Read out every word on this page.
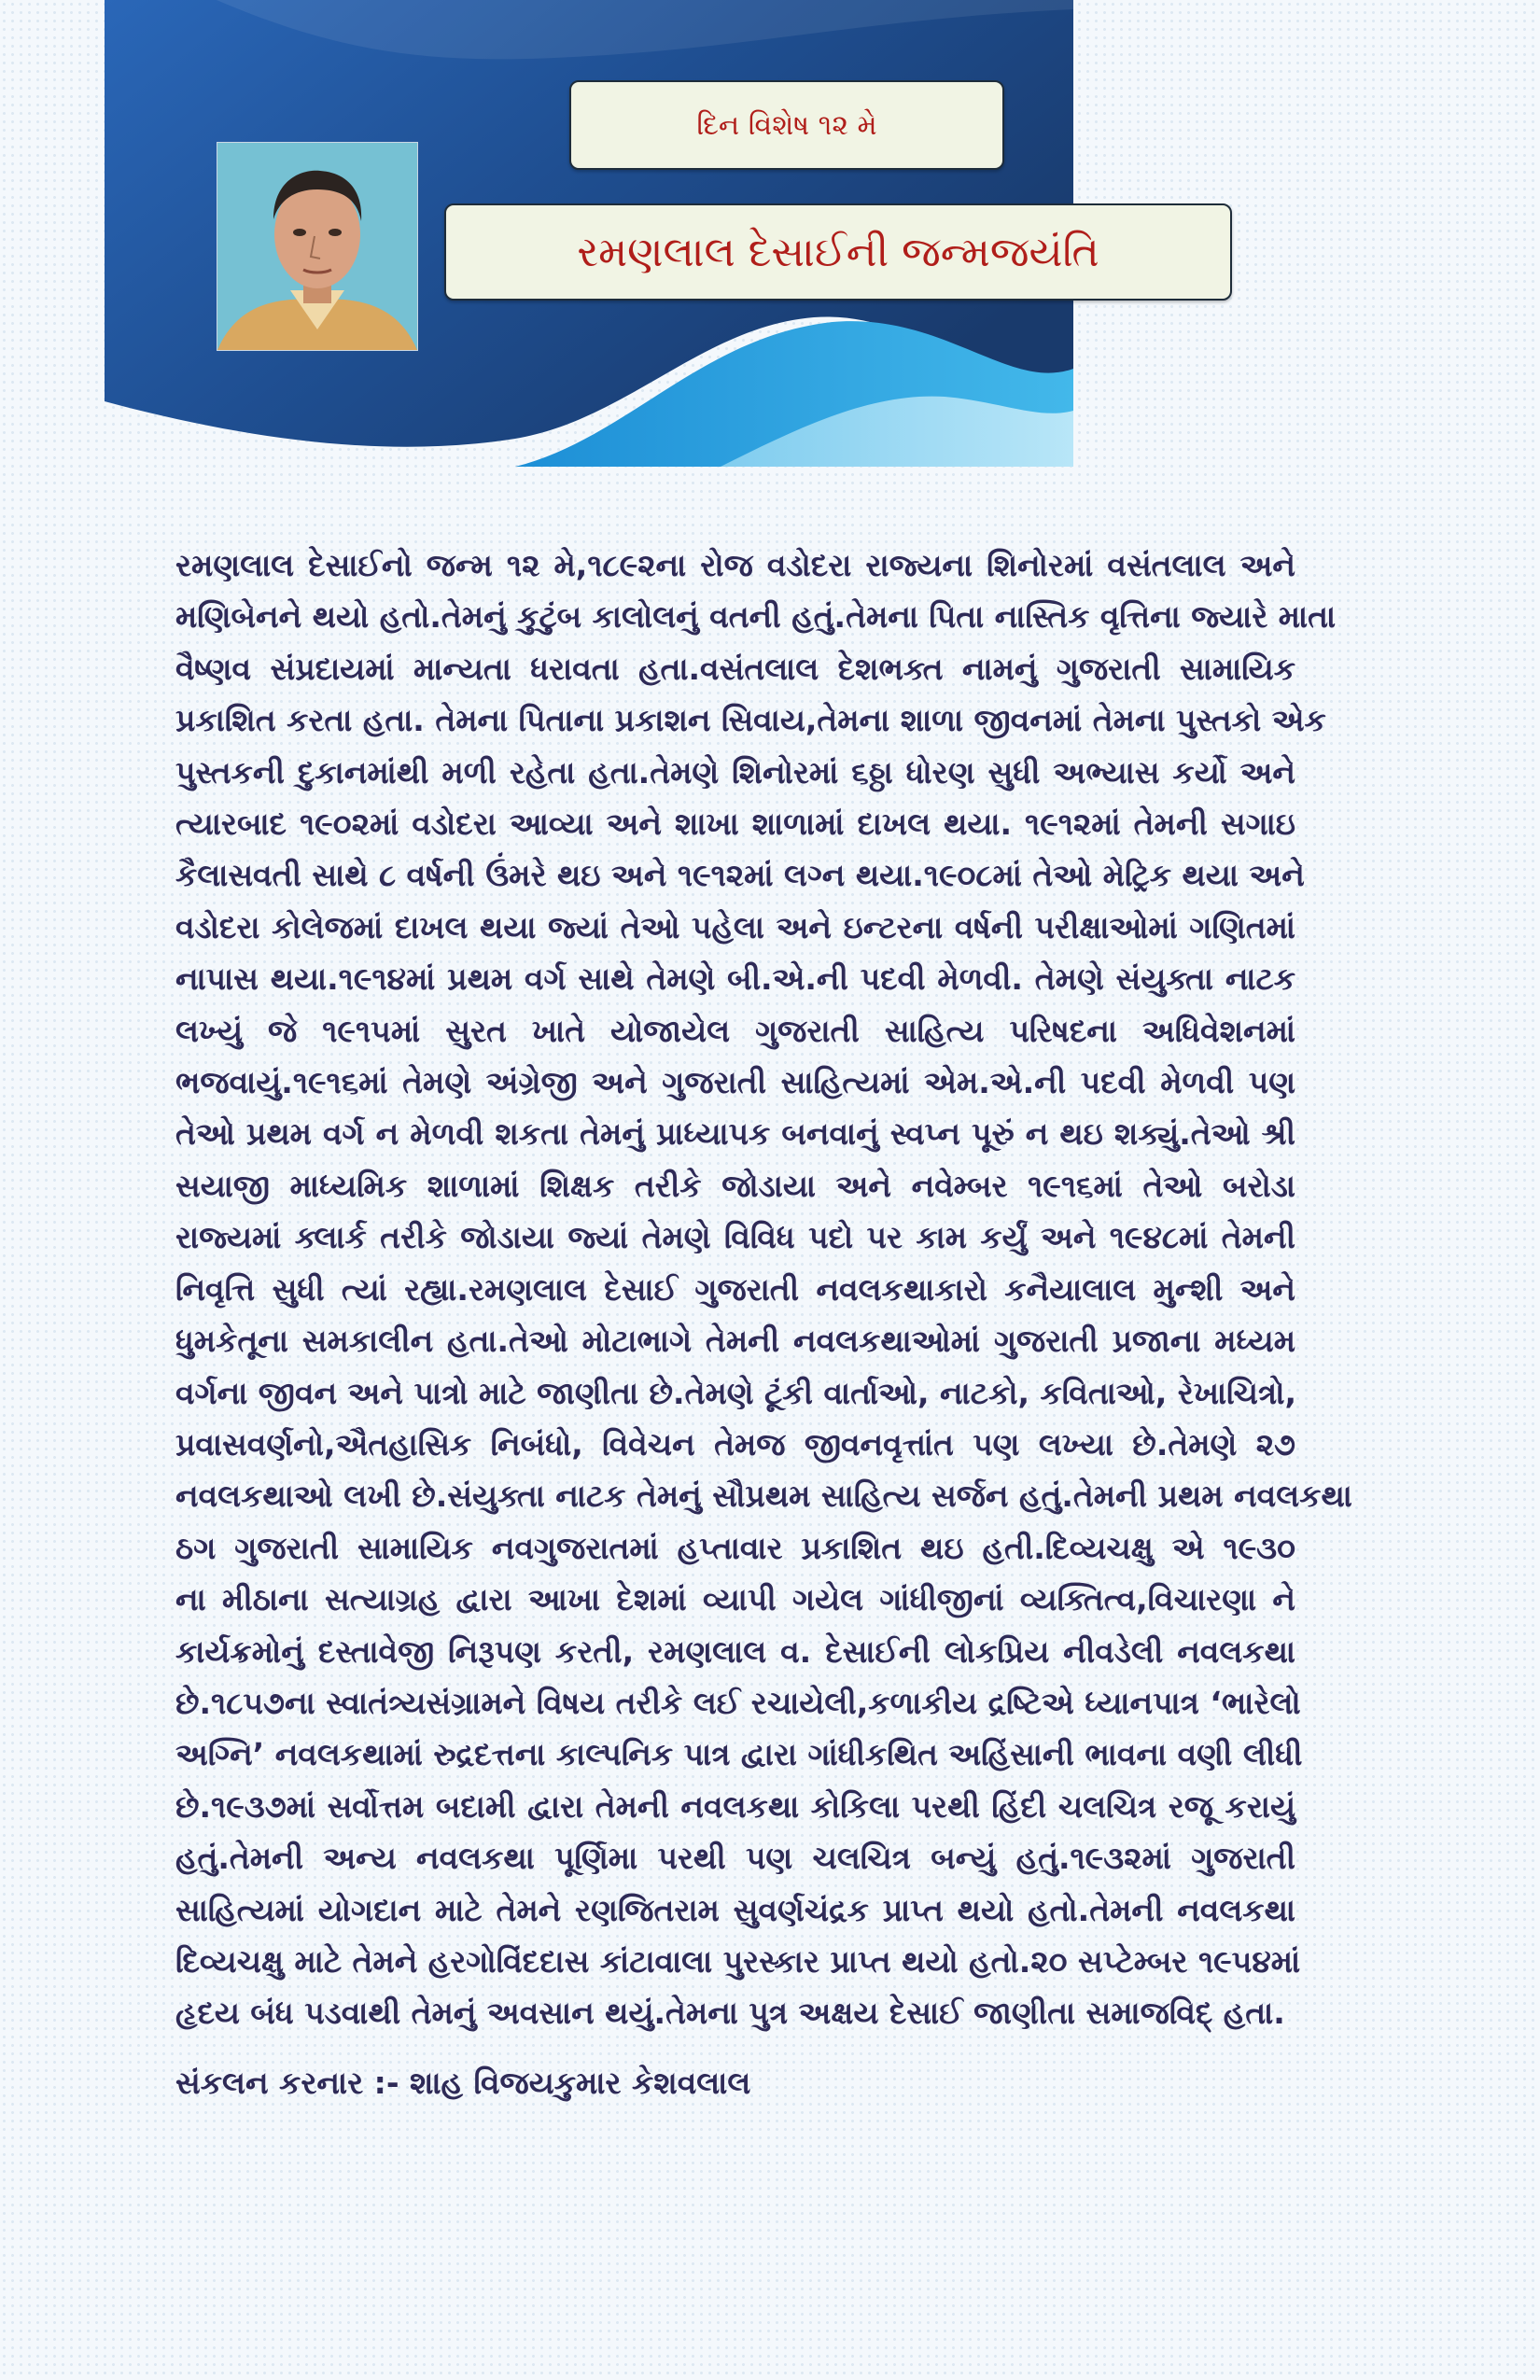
દિન વિશેષ ૧૨ મે
રમણલાલ દેસાઈની જન્મજયંતિ
રમણલાલ દેસાઈનો જન્મ ૧૨ મે,૧૮૯૨ના રોજ વડોદરા રાજ્યના શિનોરમાં વસંતલાલ અને
મણિબેનને થયો હતો.તેમનું કુટુંબ કાલોલનું વતની હતું.તેમના પિતા નાસ્તિક વૃત્તિના જ્યારે માતા
વૈષ્ણવ સંપ્રદાયમાં માન્યતા ધરાવતા હતા.વસંતલાલ દેશભક્ત નામનું ગુજરાતી સામાયિક
પ્રકાશિત કરતા હતા. તેમના પિતાના પ્રકાશન સિવાય,તેમના શાળા જીવનમાં તેમના પુસ્તકો એક
પુસ્તકની દુકાનમાંથી મળી રહેતા હતા.તેમણે શિનોરમાં ૬ઠ્ઠા ધોરણ સુધી અભ્યાસ કર્યો અને
ત્યારબાદ ૧૯૦૨માં વડોદરા આવ્યા અને શાખા શાળામાં દાખલ થયા. ૧૯૧૨માં તેમની સગાઇ
કૈલાસવતી સાથે ૮ વર્ષની ઉંમરે થઇ અને ૧૯૧૨માં લગ્ન થયા.૧૯૦૮માં તેઓ મેટ્રિક થયા અને
વડોદરા કોલેજમાં દાખલ થયા જ્યાં તેઓ પહેલા અને ઇન્ટરના વર્ષની પરીક્ષાઓમાં ગણિતમાં
નાપાસ થયા.૧૯૧૪માં પ્રથમ વર્ગ સાથે તેમણે બી.એ.ની પદવી મેળવી. તેમણે સંયુક્તા નાટક
લખ્યું જે ૧૯૧૫માં સુરત ખાતે યોજાયેલ ગુજરાતી સાહિત્ય પરિષદના અધિવેશનમાં
ભજવાયું.૧૯૧૬માં તેમણે અંગ્રેજી અને ગુજરાતી સાહિત્યમાં એમ.એ.ની પદવી મેળવી પણ
તેઓ પ્રથમ વર્ગ ન મેળવી શકતા તેમનું પ્રાધ્યાપક બનવાનું સ્વપ્ન પૂરું ન થઇ શક્યું.તેઓ શ્રી
સયાજી માધ્યમિક શાળામાં શિક્ષક તરીકે જોડાયા અને નવેમ્બર ૧૯૧૬માં તેઓ બરોડા
રાજ્યમાં ક્લાર્ક તરીકે જોડાયા જ્યાં તેમણે વિવિધ પદો પર કામ કર્યું અને ૧૯૪૮માં તેમની
નિવૃત્તિ સુધી ત્યાં રહ્યા.રમણલાલ દેસાઈ ગુજરાતી નવલકથાકારો કનૈયાલાલ મુન્શી અને
ધુમકેતૂના સમકાલીન હતા.તેઓ મોટાભાગે તેમની નવલકથાઓમાં ગુજરાતી પ્રજાના મધ્યમ
વર્ગના જીવન અને પાત્રો માટે જાણીતા છે.તેમણે ટૂંકી વાર્તાઓ, નાટકો, કવિતાઓ, રેખાચિત્રો,
પ્રવાસવર્ણનો,ઐતહાસિક નિબંધો, વિવેચન તેમજ જીવનવૃત્તાંત પણ લખ્યા છે.તેમણે ૨૭
નવલકથાઓ લખી છે.સંયુક્તા નાટક તેમનું સૌપ્રથમ સાહિત્ય સર્જન હતું.તેમની પ્રથમ નવલકથા
ઠગ ગુજરાતી સામાયિક નવગુજરાતમાં હપ્તાવાર પ્રકાશિત થઇ હતી.દિવ્યચક્ષુ એ ૧૯૩૦
ના મીઠાના સત્યાગ્રહ દ્વારા આખા દેશમાં વ્યાપી ગયેલ ગાંધીજીનાં વ્યક્તિત્વ,વિચારણા ને
કાર્યક્રમોનું દસ્તાવેજી નિરૂપણ કરતી, રમણલાલ વ. દેસાઈની લોકપ્રિય નીવડેલી નવલકથા
છે.૧૮૫૭ના સ્વાતંત્ર્યસંગ્રામને વિષય તરીકે લઈ રચાયેલી,કળાકીય દ્રષ્ટિએ ધ્યાનપાત્ર ‘ભારેલો
અગ્નિ’ નવલકથામાં રુદ્રદત્તના કાલ્પનિક પાત્ર દ્વારા ગાંધીકથિત અહિંસાની ભાવના વણી લીધી
છે.૧૯૩૭માં સર્વોત્તમ બદામી દ્વારા તેમની નવલકથા કોકિલા પરથી હિંદી ચલચિત્ર રજૂ કરાયું
હતું.તેમની અન્ય નવલકથા પૂર્ણિમા પરથી પણ ચલચિત્ર બન્યું હતું.૧૯૩૨માં ગુજરાતી
સાહિત્યમાં યોગદાન માટે તેમને રણજિતરામ સુવર્ણચંદ્રક પ્રાપ્ત થયો હતો.તેમની નવલકથા
દિવ્યચક્ષુ માટે તેમને હરગોવિંદદાસ કાંટાવાલા પુરસ્કાર પ્રાપ્ત થયો હતો.૨૦ સપ્ટેમ્બર ૧૯૫૪માં
હૃદય બંધ પડવાથી તેમનું અવસાન થયું.તેમના પુત્ર અક્ષય દેસાઈ જાણીતા સમાજવિદ્ હતા.
સંકલન કરનાર :- શાહ વિજયકુમાર કેશવલાલ
